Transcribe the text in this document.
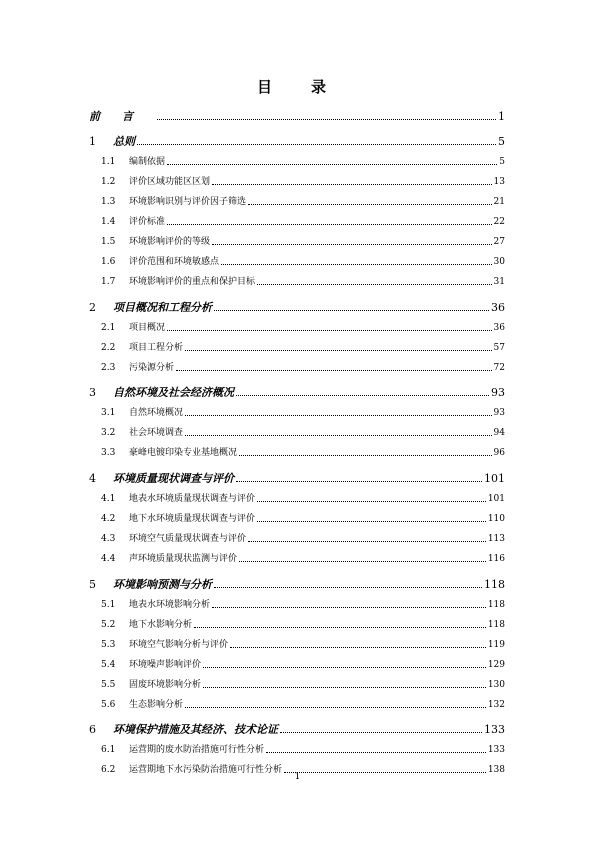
目　录
前言	1
1	总则	5
1.1	编制依据	5
1.2	评价区域功能区区划	13
1.3	环境影响识别与评价因子筛选	21
1.4	评价标准	22
1.5	环境影响评价的等级	27
1.6	评价范围和环境敏感点	30
1.7	环境影响评价的重点和保护目标	31
2	项目概况和工程分析	36
2.1	项目概况	36
2.2	项目工程分析	57
2.3	污染源分析	72
3	自然环境及社会经济概况	93
3.1	自然环境概况	93
3.2	社会环境调查	94
3.3	豪峰电镀印染专业基地概况	96
4	环境质量现状调查与评价	101
4.1	地表水环境质量现状调查与评价	101
4.2	地下水环境质量现状调查与评价	110
4.3	环境空气质量现状调查与评价	113
4.4	声环境质量现状监测与评价	116
5	环境影响预测与分析	118
5.1	地表水环境影响分析	118
5.2	地下水影响分析	118
5.3	环境空气影响分析与评价	119
5.4	环境噪声影响评价	129
5.5	固废环境影响分析	130
5.6	生态影响分析	132
6	环境保护措施及其经济、技术论证	133
6.1	运营期的废水防治措施可行性分析	133
6.2	运营期地下水污染防治措施可行性分析	138
1
